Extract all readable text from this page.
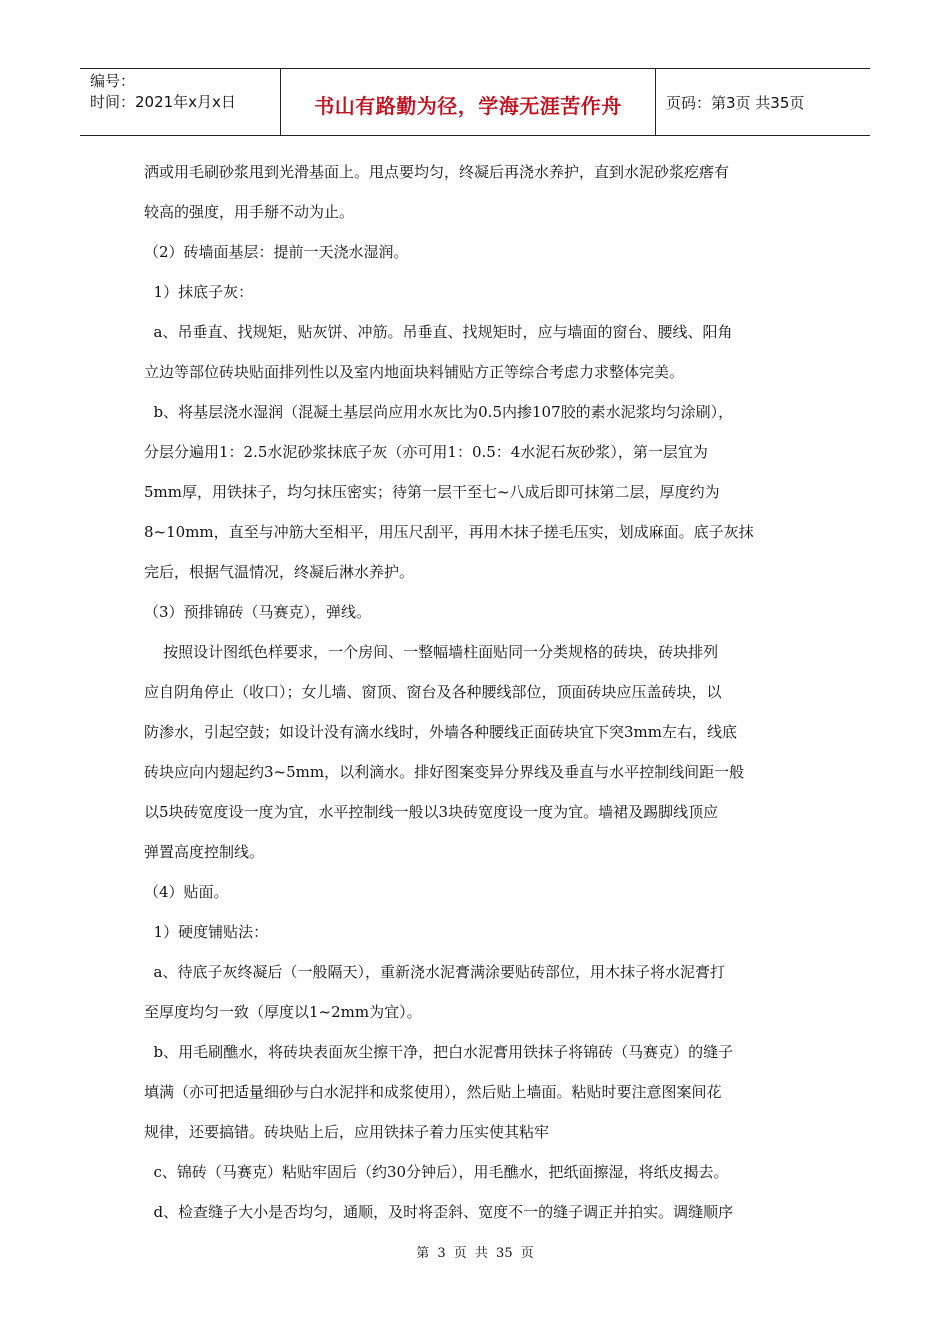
编号：
时间：2021年x月x日	书山有路勤为径，学海无涯苦作舟	页码：第3页 共35页

洒或用毛刷砂浆甩到光滑基面上。甩点要均匀，终凝后再浇水养护，直到水泥砂浆疙瘩有

较高的强度，用手掰不动为止。

（2）砖墙面基层：提前一天浇水湿润。

1）抹底子灰：

a、吊垂直、找规矩，贴灰饼、冲筋。吊垂直、找规矩时，应与墙面的窗台、腰线、阳角

立边等部位砖块贴面排列性以及室内地面块料铺贴方正等综合考虑力求整体完美。

b、将基层浇水湿润（混凝土基层尚应用水灰比为0.5内掺107胶的素水泥浆均匀涂刷），

分层分遍用1：2.5水泥砂浆抹底子灰（亦可用1：0.5：4水泥石灰砂浆），第一层宜为

5mm厚，用铁抹子，均匀抹压密实；待第一层干至七~八成后即可抹第二层，厚度约为

8~10mm，直至与冲筋大至相平，用压尺刮平，再用木抹子搓毛压实，划成麻面。底子灰抹

完后，根据气温情况，终凝后淋水养护。

（3）预排锦砖（马赛克），弹线。

按照设计图纸色样要求，一个房间、一整幅墙柱面贴同一分类规格的砖块，砖块排列

应自阴角停止（收口）；女儿墙、窗顶、窗台及各种腰线部位，顶面砖块应压盖砖块，以

防渗水，引起空鼓；如设计没有滴水线时，外墙各种腰线正面砖块宜下突3mm左右，线底

砖块应向内翅起约3~5mm，以利滴水。排好图案变异分界线及垂直与水平控制线间距一般

以5块砖宽度设一度为宜，水平控制线一般以3块砖宽度设一度为宜。墙裙及踢脚线顶应

弹置高度控制线。

（4）贴面。

1）硬度铺贴法：

a、待底子灰终凝后（一般隔天），重新浇水泥膏满涂要贴砖部位，用木抹子将水泥膏打

至厚度均匀一致（厚度以1~2mm为宜）。

b、用毛刷醮水，将砖块表面灰尘擦干净，把白水泥膏用铁抹子将锦砖（马赛克）的缝子

填满（亦可把适量细砂与白水泥拌和成浆使用），然后贴上墙面。粘贴时要注意图案间花

规律，还要搞错。砖块贴上后，应用铁抹子着力压实使其粘牢

c、锦砖（马赛克）粘贴牢固后（约30分钟后），用毛醮水，把纸面擦湿，将纸皮揭去。

d、检查缝子大小是否均匀，通顺，及时将歪斜、宽度不一的缝子调正并拍实。调缝顺序

第 3 页 共 35 页
